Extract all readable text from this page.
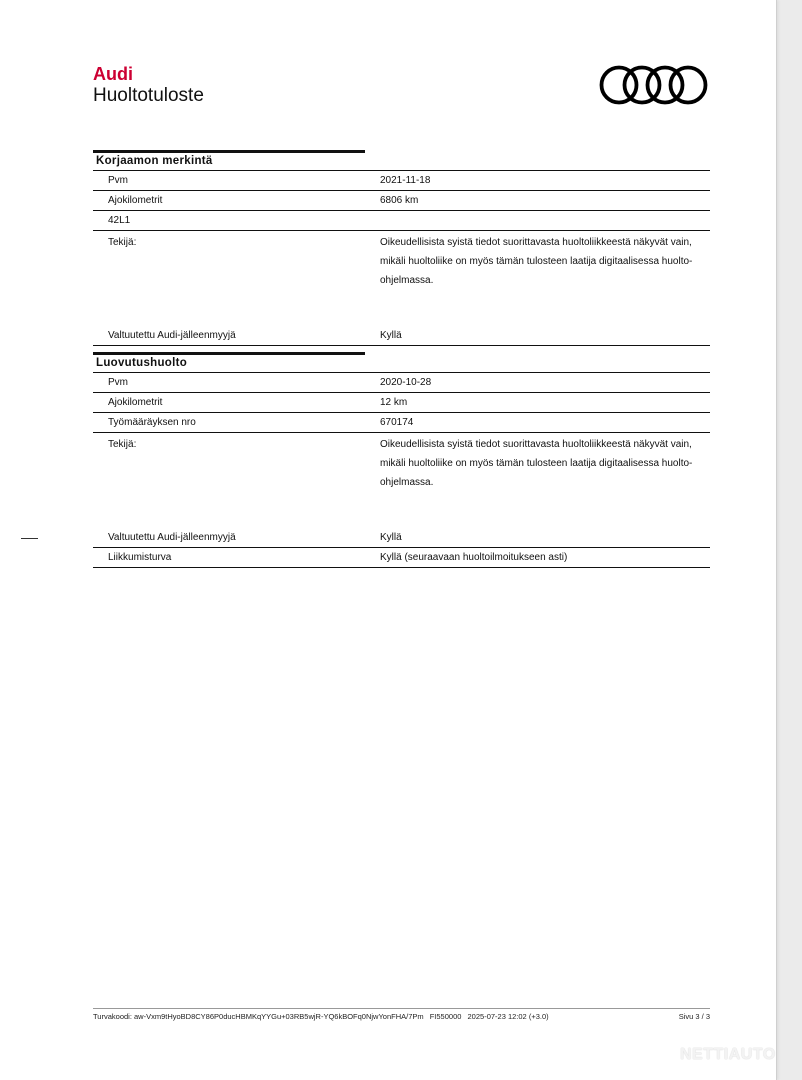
Audi
Huoltotuloste
Korjaamon merkintä
Pvm	2021-11-18
Ajokilometrit	6806 km
42L1
Tekijä:	Oikeudellisista syistä tiedot suorittavasta huoltoliikkeestä näkyvät vain, mikäli huoltoliike on myös tämän tulosteen laatija digitaalisessa huolto-ohjelmassa.
Valtuutettu Audi-jälleenmyyjä	Kyllä
Luovutushuolto
Pvm	2020-10-28
Ajokilometrit	12 km
Työmääräyksen nro	670174
Tekijä:	Oikeudellisista syistä tiedot suorittavasta huoltoliikkeestä näkyvät vain, mikäli huoltoliike on myös tämän tulosteen laatija digitaalisessa huolto-ohjelmassa.
Valtuutettu Audi-jälleenmyyjä	Kyllä
Liikkumisturva	Kyllä (seuraavaan huoltoilmoitukseen asti)
Turvakoodi: aw-Vxm9tHyoBD8CY86P0ducHBMKqYYGu+03RB5wjR-YQ6kBOFq0NjwYonFHA/7Pm FI550000 2025-07-23 12:02 (+3.0)	Sivu 3 / 3
NETTIAUTO
